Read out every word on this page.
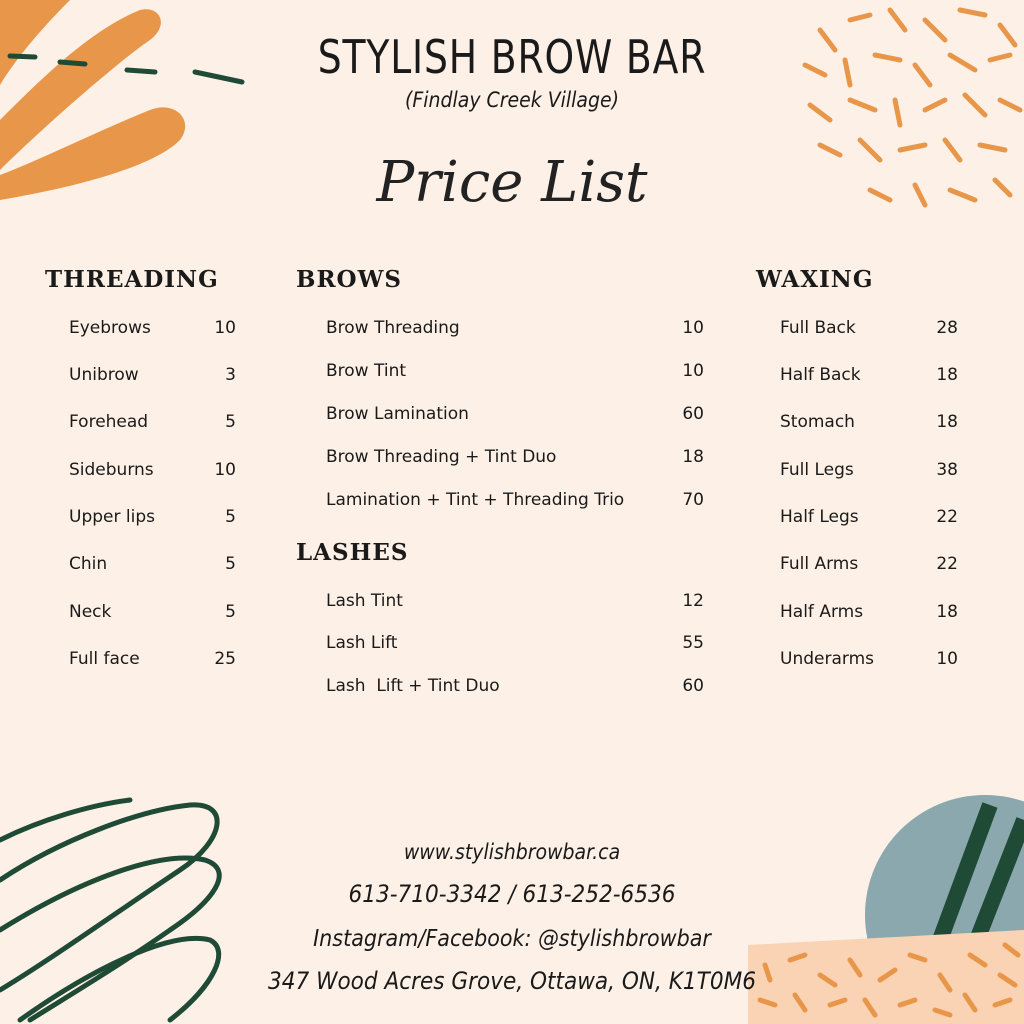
STYLISH BROW BAR
(Findlay Creek Village)
Price List
THREADING	BROWS
LASHES
WAXING
Eyebrows	10
Unibrow	3
Forehead	5
Sideburns	10
Upper lips	5
Chin	5
Neck	5
Full face	25
Brow Threading	10
Brow Tint	10
Brow Lamination	60
Brow Threading + Tint Duo	18
Lamination + Tint + Threading Trio	70
Lash Tint	12
Lash Lift	55
Lash  Lift + Tint Duo	60
Full Back	28
Half Back	18
Stomach	18
Full Legs	38
Half Legs	22
Full Arms	22
Half Arms	18
Underarms	10
www.stylishbrowbar.ca
613-710-3342 / 613-252-6536
Instagram/Facebook: @stylishbrowbar
347 Wood Acres Grove, Ottawa, ON, K1T0M6
